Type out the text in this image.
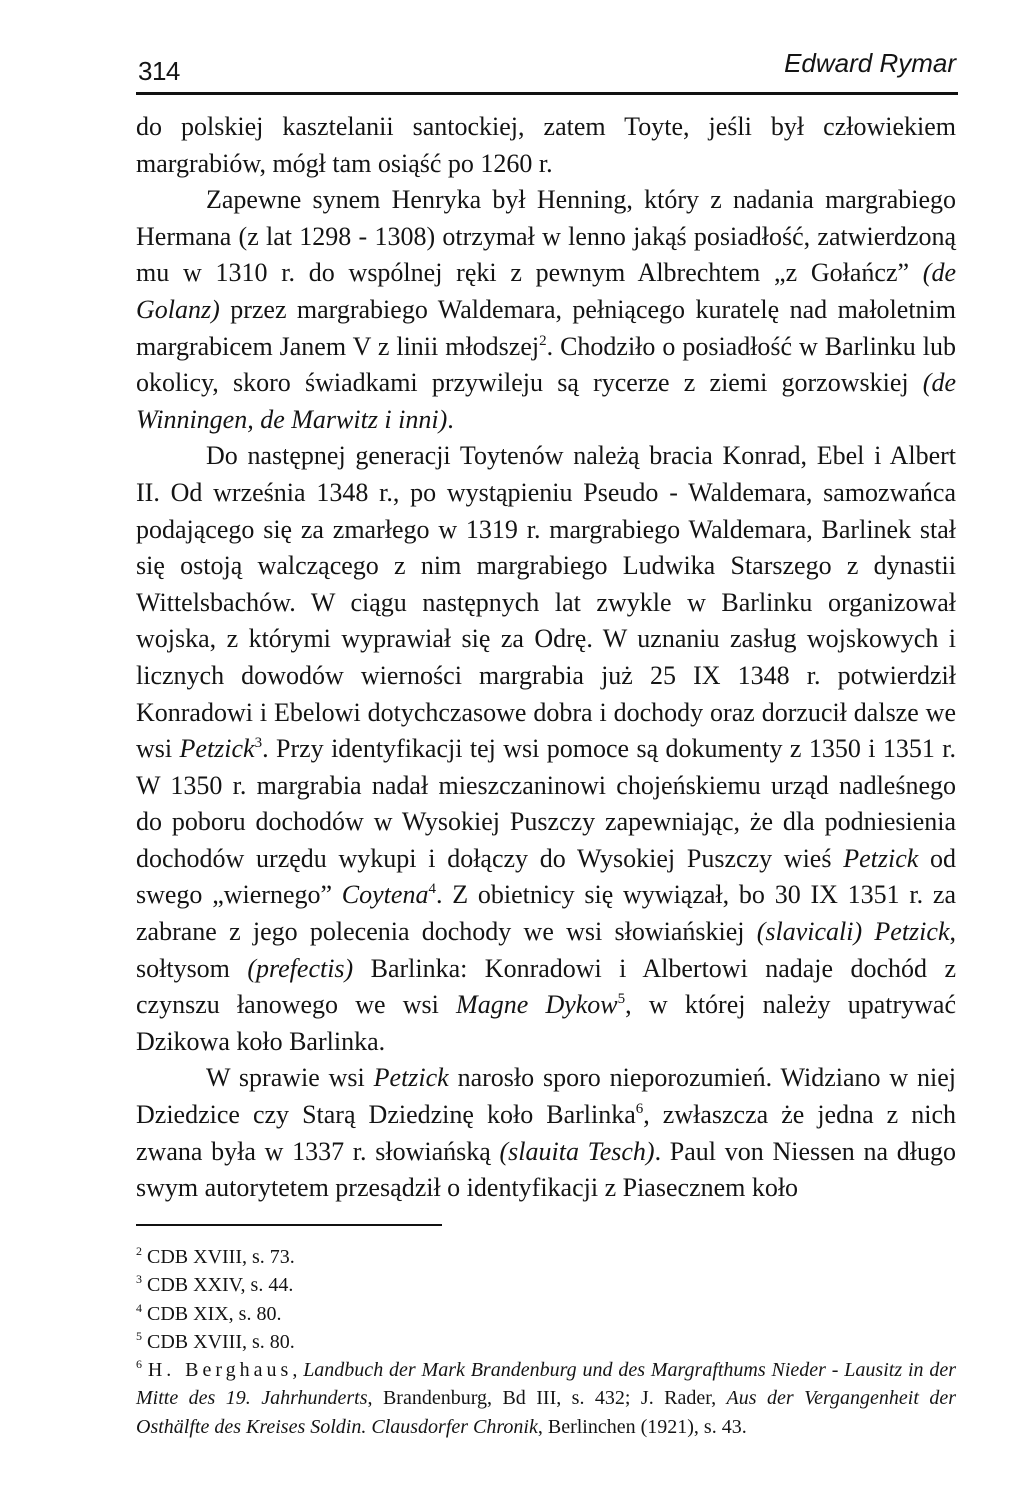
314	Edward Rymar

do polskiej kasztelanii santockiej, zatem Toyte, jeśli był człowiekiem margrabiów, mógł tam osiąść po 1260 r.

Zapewne synem Henryka był Henning, który z nadania margrabiego Hermana (z lat 1298 - 1308) otrzymał w lenno jakąś posiadłość, zatwierdzoną mu w 1310 r. do wspólnej ręki z pewnym Albrechtem „z Gołańcz” (de Golanz) przez margrabiego Waldemara, pełniącego kuratelę nad małoletnim margrabicem Janem V z linii młodszej$^2$. Chodziło o posiadłość w Barlinku lub okolicy, skoro świadkami przywileju są rycerze z ziemi gorzowskiej (de Winningen, de Marwitz i inni).

Do następnej generacji Toytenów należą bracia Konrad, Ebel i Albert II. Od września 1348 r., po wystąpieniu Pseudo - Waldemara, samozwańca podającego się za zmarłego w 1319 r. margrabiego Waldemara, Barlinek stał się ostoją walczącego z nim margrabiego Ludwika Starszego z dynastii Wittelsbachów. W ciągu następnych lat zwykle w Barlinku organizował wojska, z którymi wyprawiał się za Odrę. W uznaniu zasług wojskowych i licznych dowodów wierności margrabia już 25 IX 1348 r. potwierdził Konradowi i Ebelowi dotychczasowe dobra i dochody oraz dorzucił dalsze we wsi Petzick$^3$. Przy identyfikacji tej wsi pomoce są dokumenty z 1350 i 1351 r. W 1350 r. margrabia nadał mieszczaninowi chojeńskiemu urząd nadleśnego do poboru dochodów w Wysokiej Puszczy zapewniając, że dla podniesienia dochodów urzędu wykupi i dołączy do Wysokiej Puszczy wieś Petzick od swego „wiernego” Coytena$^4$. Z obietnicy się wywiązał, bo 30 IX 1351 r. za zabrane z jego polecenia dochody we wsi słowiańskiej (slavicali) Petzick, sołtysom (prefectis) Barlinka: Konradowi i Albertowi nadaje dochód z czynszu łanowego we wsi Magne Dykow$^5$, w której należy upatrywać Dzikowa koło Barlinka.

W sprawie wsi Petzick narosło sporo nieporozumień. Widziano w niej Dziedzice czy Starą Dziedzinę koło Barlinka$^6$, zwłaszcza że jedna z nich zwana była w 1337 r. słowiańską (slauita Tesch). Paul von Niessen na długo swym autorytetem przesądził o identyfikacji z Piasecznem koło

$^2$ CDB XVIII, s. 73.

$^3$ CDB XXIV, s. 44.

$^4$ CDB XIX, s. 80.

$^5$ CDB XVIII, s. 80.

$^6$ H. Berghaus, Landbuch der Mark Brandenburg und des Margrafthums Nieder - Lausitz in der Mitte des 19. Jahrhunderts, Brandenburg, Bd III, s. 432; J. Rader, Aus der Vergangenheit der Osthälfte des Kreises Soldin. Clausdorfer Chronik, Berlinchen (1921), s. 43.
